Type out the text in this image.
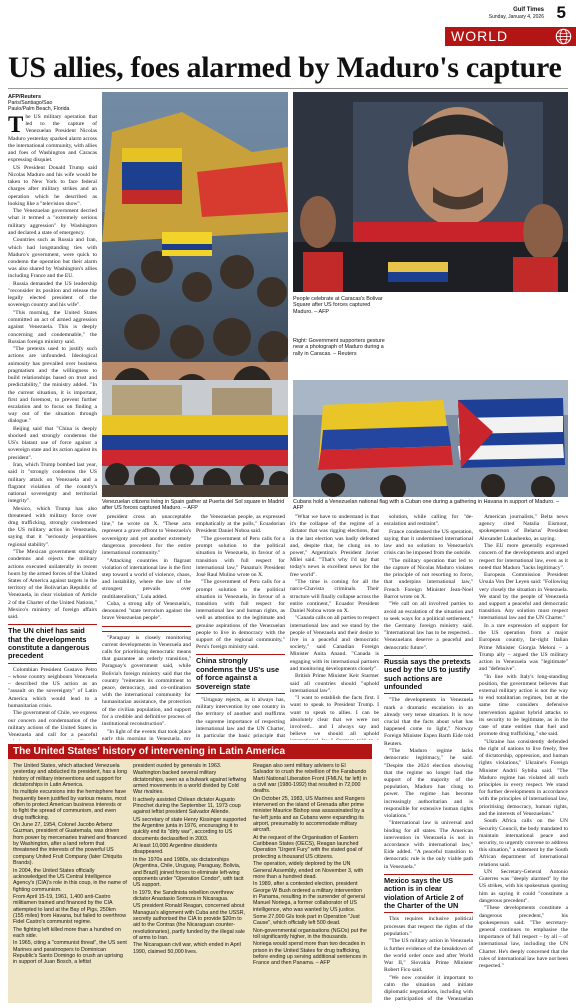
Gulf Times
Sunday, January 4, 2026 5
WORLD
US allies, foes alarmed by Maduro's capture
AFP/Reuters
Paris/Santiago/Sao Paulo/Palm Beach, Florida

The US military operation that led to the capture of Venezuelan President Nicolas Maduro yesterday sparked alarm across the international community, with allies and foes of Washington and Caracas expressing disquiet.

US President Donald Trump said Nicolas Maduro and his wife would be taken to New York to face federal charges after military strikes and an operation which he described as looking like a "television show".

The Venezuelan government decried what it termed a "extremely serious military aggression" by Washington and declared a state of emergency.

Countries such as Russia and Iran, which had longstanding ties with Maduro's government, were quick to condemn the operation but their alarm was also shared by Washington's allies including France and the EU.

Russia demanded the US leadership "reconsider its position and release the legally elected president of the sovereign country and his wife".

"This morning, the United States committed an act of armed aggression against Venezuela. This is deeply concerning and condemnable," the Russian foreign ministry said.

"The pretexts used to justify such actions are unfounded. Ideological animosity has prevailed over business pragmatism and the willingness to build relationships based on trust and predictability," the ministry added. "In the current situation, it is important, first and foremost, to prevent further escalation and to focus on finding a way out of the situation through dialogue."

Beijing said that "China is deeply shocked and strongly condemns the US's blatant use of force against a sovereign state and its action against its president".

Iran, which Trump bombed last year, said it "strongly condemns the US military attack on Venezuela and a flagrant violation of the country's national sovereignty and territorial integrity".

Mexico, which Trump has also threatened with military force over drug trafficking, strongly condemned the US military action in Venezuela, saying that it "seriously jeopardises regional stability".

"The Mexican government strongly condemns and rejects the military actions executed unilaterally in recent hours by the armed forces of the United States of America against targets in the territory of the Bolivarian Republic of Venezuela, in clear violation of Article 2 of the Charter of the United Nations," Mexico's ministry of foreign affairs said.

The UN chief has said that the developments constitute a dangerous precedent

Colombian President Gustavo Petro – whose country neighbours Venezuela – described the US action as an "assault on the sovereignty" of Latin America which would lead to a humanitarian crisis.

The government of Chile, we express our concern and condemnation of the military actions of the United States in Venezuela and call for a peaceful

People celebrate at Caracas's Bolivar Square after US forces captured Maduro. – AFP
Right: Government supporters gesture near a photograph of Maduro during a rally in Caracas. – Reuters
Venezuelan citizens living in Spain gather at Puerta del Sol square in Madrid after US forces captured Maduro. – AFP
Cubans hold a Venezuelan national flag with a Cuban one during a gathering in Havana in support of Maduro. – AFP

president cross an unacceptable line," he wrote on X. "These acts represent a grave affront to Venezuela's sovereignty and yet another extremely dangerous precedent for the entire international community."

"Attacking countries in flagrant violation of international law is the first step toward a world of violence, chaos, and instability, where the law of the strongest prevails over multilateralism," Lula added.

Cuba, a strong ally of Venezuela's, denounced "state terrorism against the brave Venezuelan people".

"Paraguay is closely monitoring current developments in Venezuela and calls for prioritising democratic means that guarantee an orderly transition," Paraguay's government said, while Bolivia's foreign ministry said that the country "reiterates its commitment to peace, democracy, and co-ordination with the international community for humanitarian assistance, the protection of the civilian population, and support for a credible and definitive process of institutional reconstruction".

"In light of the events that took place early this morning in Venezuela, my

the Venezuelan people, as expressed emphatically at the polls," Ecuadorian President Daniel Noboa said.

"The government of Peru calls for a prompt solution to the political situation in Venezuela, in favour of a transition with full respect for international law," Panama's President José Raul Mulino wrote on X.

"The government of Peru calls for a prompt solution to the political situation in Venezuela, in favour of a transition with full respect for international law and human rights, as well as attention to the legitimate and genuine aspirations of the Venezuelan people to live in democracy with the support of the regional community," Peru's foreign ministry said.

China strongly condemns the US's use of force against a sovereign state

"Uruguay rejects, as it always has, military intervention by one country in the territory of another and reaffirms the supreme importance of respecting international law and the UN Charter, in particular the basic principle that

"What we have to understand is that it's the collapse of the regime of a dictator that was rigging elections, that in the last election was badly defeated and, despite that, he clung on to power," Argentina's President Javier Milei said. "That's why I'd say that today's news is excellent news for the free world".

"The time is coming for all the narco-Chavista criminals. Their structure will finally collapse across the entire continent," Ecuador President Daniel Noboa wrote on X.

"Canada calls on all parties to respect international law and we stand by the people of Venezuela and their desire to live in a peaceful and democratic society," said Canadian Foreign Minister Anita Anand. "Canada is engaging with its international partners and monitoring developments closely".

British Prime Minister Keir Starmer said all countries should "uphold international law".

"I want to establish the facts first. I want to speak to President Trump. I want to speak to allies. I can be absolutely clear that we were not involved... and I always say and believe we should all uphold

solution, while calling for "de-escalation and restraint".

France condemned the US operation, saying that it undermined international law and no solution to Venezuela's crisis can be imposed from the outside.

"The military operation that led to the capture of Nicolas Maduro violates the principle of not resorting to force, that underpins international law," French Foreign Minister Jean-Noel Barrot wrote on X.

"We call on all involved parties to avoid an escalation of the situation and to seek ways for a political settlement," the Germany foreign ministry said. "International law has to be respected... Venezuelans deserve a peaceful and democratic future".

Russia says the pretexts used by the US to justify such actions are unfounded

"The developments in Venezuela mark a dramatic escalation in an already very tense situation. It is now crucial that the facts about what has happened come to light," Norway Foreign Minister Espen Barth Eide told Reuters.

"The Maduro regime lacks democratic legitimacy," he said. "Despite the 2024 election showing that the regime no longer had the support of the majority of the population, Maduro has clung to power. The regime has become increasingly authoritarian and is responsible for extensive human rights violations."

"International law is universal and binding for all states. The American intervention in Venezuela is not in accordance with international law," Eide added. "A peaceful transition to democratic rule is the only viable path in Venezuela."

Mexico says the US action is in clear violation of Article 2 of the Charter of the UN

This requires inclusive political processes that respect the rights of the population."

"The US military action in Venezuela is further evidence of the breakdown of the world order once and after World War II," Slovakia Prime Minister Robert Fico said.

"We now consider it important to calm the situation and initiate diplomatic negotiations, including with the participation of the Venezuelan

American journalists," Belta news agency cited Natalia Eismont, spokesperson of Belarus' President Alexander Lukashenko, as saying.

The EU more generally expressed concern of the developments and urged respect for international law, even as it noted that Maduro "lacks legitimacy".

European Commission President Ursula Von Der Leyen said: "Following very closely the situation in Venezuela. We stand by the people of Venezuela and support a peaceful and democratic transition. Any solution must respect international law and the UN Charter."

In a rare expression of support for the US operation from a major European country, far-right Italian Prime Minister Giorgia Meloni – a Trump ally – argued the US military action in Venezuela was "legitimate" and "defensive".

"In line with Italy's long-standing position, the government believes that external military action is not the way to end totalitarian regimes, but at the same time considers defensive intervention against hybrid attacks to its security to be legitimate, as in the case of state entities that fuel and promote drug trafficking," she said.

"Ukraine has consistently defended the right of nations to live freely, free of dictatorship, oppression, and human rights violations," Ukraine's Foreign Minister Andrii Sybiha said. "The Maduro regime has violated all such principles in every respect. We stand for further developments in accordance with the principles of international law, prioritising democracy, human rights, and the interests of Venezuelans."

South Africa calls on the UN Security Council, the body mandated to maintain international peace and security, to urgently convene to address this situation," a statement by the South African department of international relations said.

UN Secretary-General Antonio Guterres was "deeply alarmed" by the US strikes, with his spokesman quoting him as saying it could "constitute a dangerous precedent".

"These developments constitute a dangerous precedent," his spokesperson said. "The secretary-general continues to emphasise the importance of full respect – by all – of international law, including the UN Charter. He's deeply concerned that the rules of international law have not been respected."

The United States' history of intervening in Latin America

The United States, which attacked Venezuela yesterday and abducted its president, has a long history of military interventions and support for dictatorships in Latin America.

Its multiple excursions into the hemisphere have frequently been justified by various means, most often to protect American business interests or to fight the spread of communism, and even drug trafficking.

On June 27, 1954, Colonel Jacobo Arbenz Guzman, president of Guatemala, was driven from power by mercenaries trained and financed by Washington, after a land reform that threatened the interests of the powerful US company United Fruit Company (later Chiquita Brands).

In 2004, the United States officially acknowledged the US Central Intelligence Agency's (CIA)'s role in this coup, in the name of fighting communism.

From April 15-19, 1961, 1,400 anti-Castro militiamen trained and financed by the CIA attempted to land at the Bay of Pigs, 250km (155 miles) from Havana, but failed to overthrow Fidel Castro's communist regime.

The fighting left killed more than a hundred on each side.

In 1965, citing a "communist threat", the US sent Marines and paratroopers to Dominican Republic's Santo Domingo to crush an uprising in support of Juan Bosch, a leftist

president ousted by generals in 1963.

Washington backed several military dictatorships, seen as a bulwark against leftwing armed movements in a world divided by Cold War rivalries.

It actively assisted Chilean dictator Augusto Pinochet during the September 11, 1973 coup against leftist president Salvador Allende.

US secretary of state Henry Kissinger supported the Argentine junta in 1976, encouraging it to quickly end its "dirty war", according to US documents declassified in 2003.

At least 10,000 Argentine dissidents disappeared.

In the 1970s and 1980s, six dictatorships (Argentina, Chile, Uruguay, Paraguay, Bolivia, and Brazil) joined forces to eliminate left-wing opponents under "Operation Condor", with tacit US support.

In 1979, the Sandinista rebellion overthrew dictator Anastasio Somoza in Nicaragua.

US president Ronald Reagan, concerned about Managua's alignment with Cuba and the USSR, secretly authorised the CIA to provide $20m to aid to the Contras (the Nicaraguan counter-revolutionaries), partly funded by the illegal sale of arms to Iran.

The Nicaraguan civil war, which ended in April 1990, claimed 50,000 lives.

Reagan also sent military advisers to El Salvador to crush the rebellion of the Farabundo Marti National Liberation Front (FMLN, far left) in a civil war (1980-1992) that resulted in 72,000 deaths.

On October 25, 1983, US Marines and Rangers intervened on the island of Grenada after prime minister Maurice Bishop was assassinated by a far-left junta and as Cubans were expanding its airport, presumably to accommodate military aircraft.

At the request of the Organisation of Eastern Caribbean States (OECS), Reagan launched Operation "Urgent Fury" with the stated goal of protecting a thousand US citizens.

The operation, widely deplored by the UN General Assembly, ended on November 3, with more than a hundred dead.

In 1989, after a contested election, president George W Bush ordered a military intervention in Panama, resulting in the surrender of general Manuel Noriega, a former collaborator of US intelligence, who was wanted by US justice.

Some 27,000 GIs took part in Operation "Just Cause", which officially left 500 dead.

Non-governmental organisations (NGOs) put the toll significantly higher, in the thousands.

Noriega would spend more than two decades in prison in the United States for drug trafficking, before ending up serving additional sentences in France and then Panama. – AFP
